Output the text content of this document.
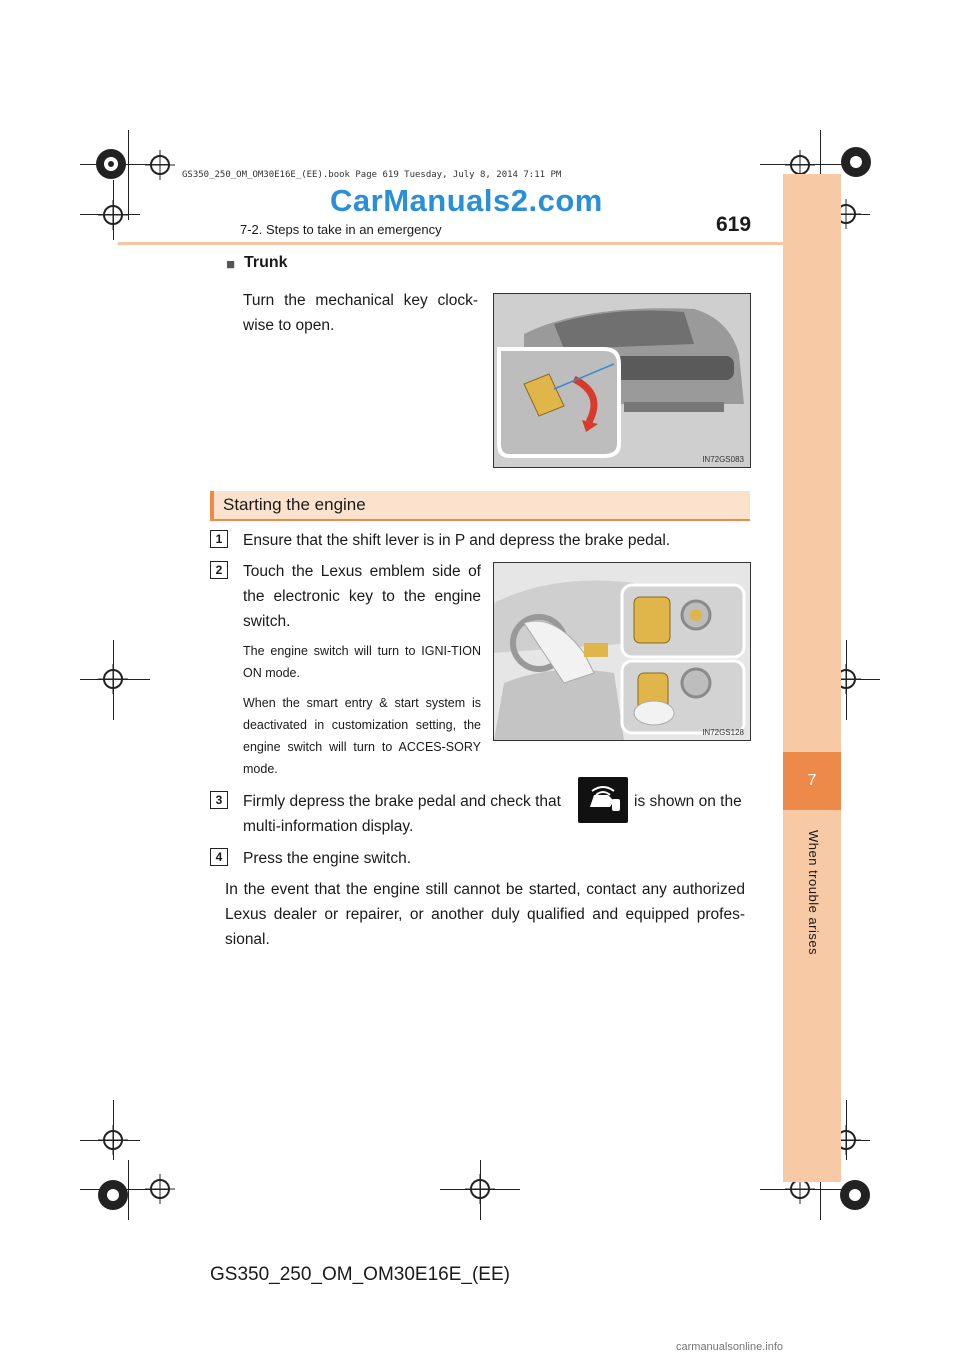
GS350_250_OM_OM30E16E_(EE).book Page 619 Tuesday, July 8, 2014 7:11 PM
CarManuals2.com
7-2. Steps to take in an emergency	619
7
When trouble arises
■ Trunk
Turn the mechanical key clock-wise to open.
IN72GS083
Starting the engine
1	Ensure that the shift lever is in P and depress the brake pedal.
2	Touch the Lexus emblem side of the electronic key to the engine switch.
The engine switch will turn to IGNI-TION ON mode.
When the smart entry & start system is deactivated in customization setting, the engine switch will turn to ACCES-SORY mode.
IN72GS128
3	Firmly depress the brake pedal and check that	is shown on the
multi-information display.
4	Press the engine switch.
In the event that the engine still cannot be started, contact any authorized Lexus dealer or repairer, or another duly qualified and equipped profes-sional.
GS350_250_OM_OM30E16E_(EE)
carmanualsonline.info
